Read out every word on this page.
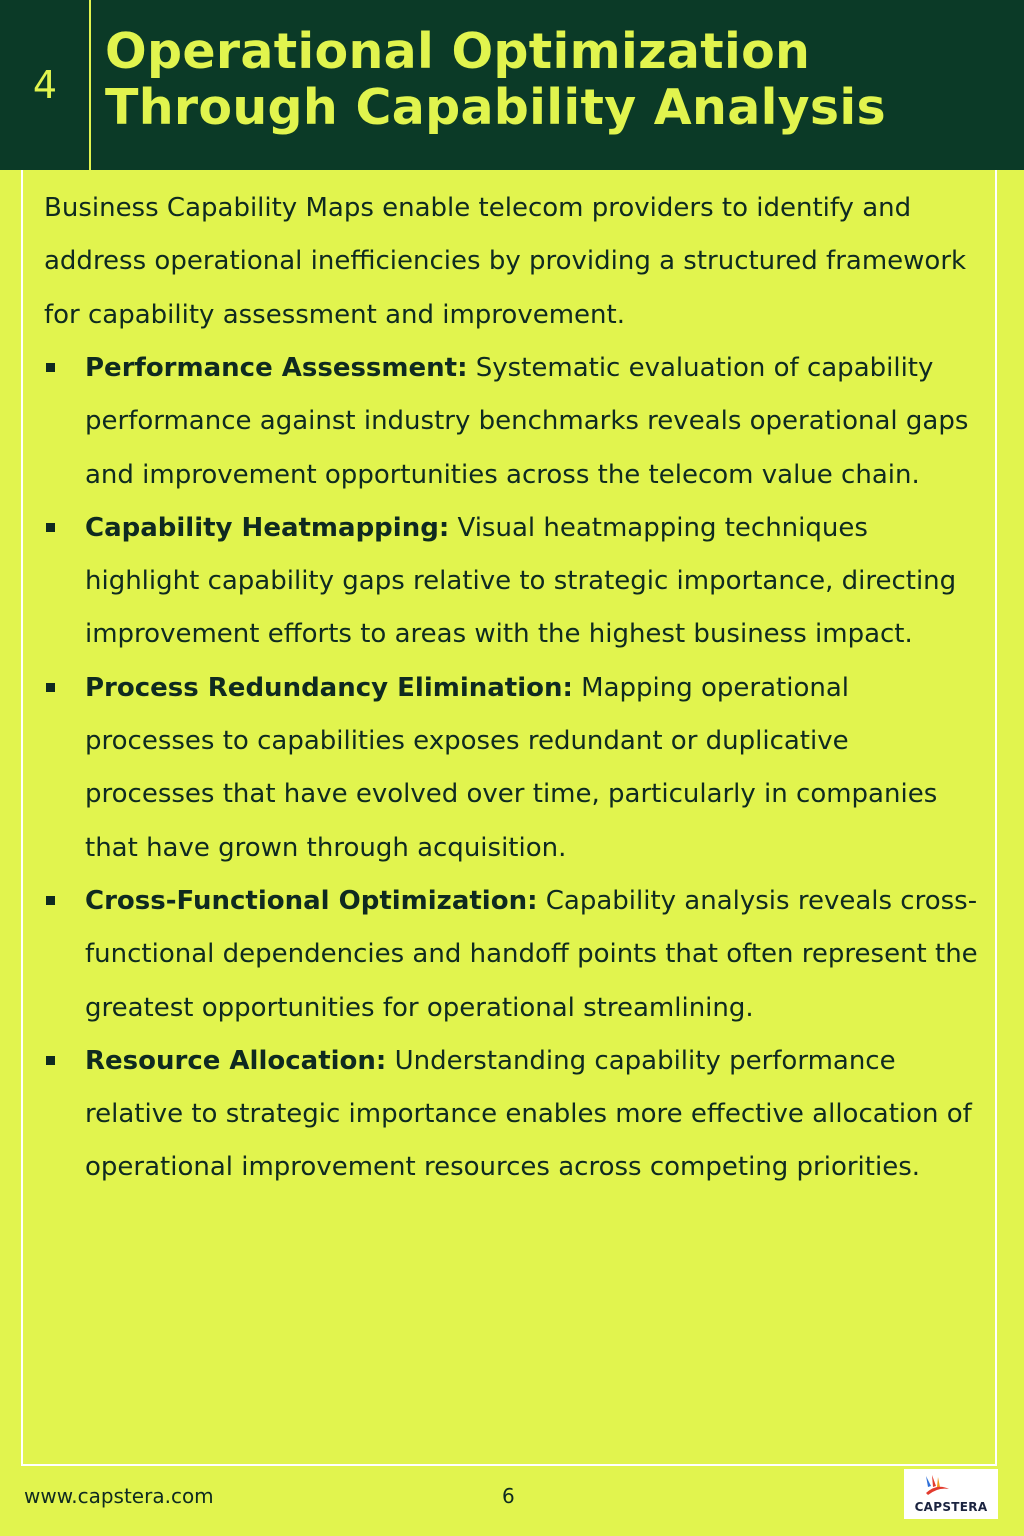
4
Operational Optimization Through Capability Analysis

Business Capability Maps enable telecom providers to identify and address operational inefficiencies by providing a structured framework for capability assessment and improvement.

Performance Assessment: Systematic evaluation of capability performance against industry benchmarks reveals operational gaps and improvement opportunities across the telecom value chain.
Capability Heatmapping: Visual heatmapping techniques highlight capability gaps relative to strategic importance, directing improvement efforts to areas with the highest business impact.
Process Redundancy Elimination: Mapping operational processes to capabilities exposes redundant or duplicative processes that have evolved over time, particularly in companies that have grown through acquisition.
Cross-Functional Optimization: Capability analysis reveals cross-functional dependencies and handoff points that often represent the greatest opportunities for operational streamlining.
Resource Allocation: Understanding capability performance relative to strategic importance enables more effective allocation of operational improvement resources across competing priorities.
www.capstera.com	6	CAPSTERA
